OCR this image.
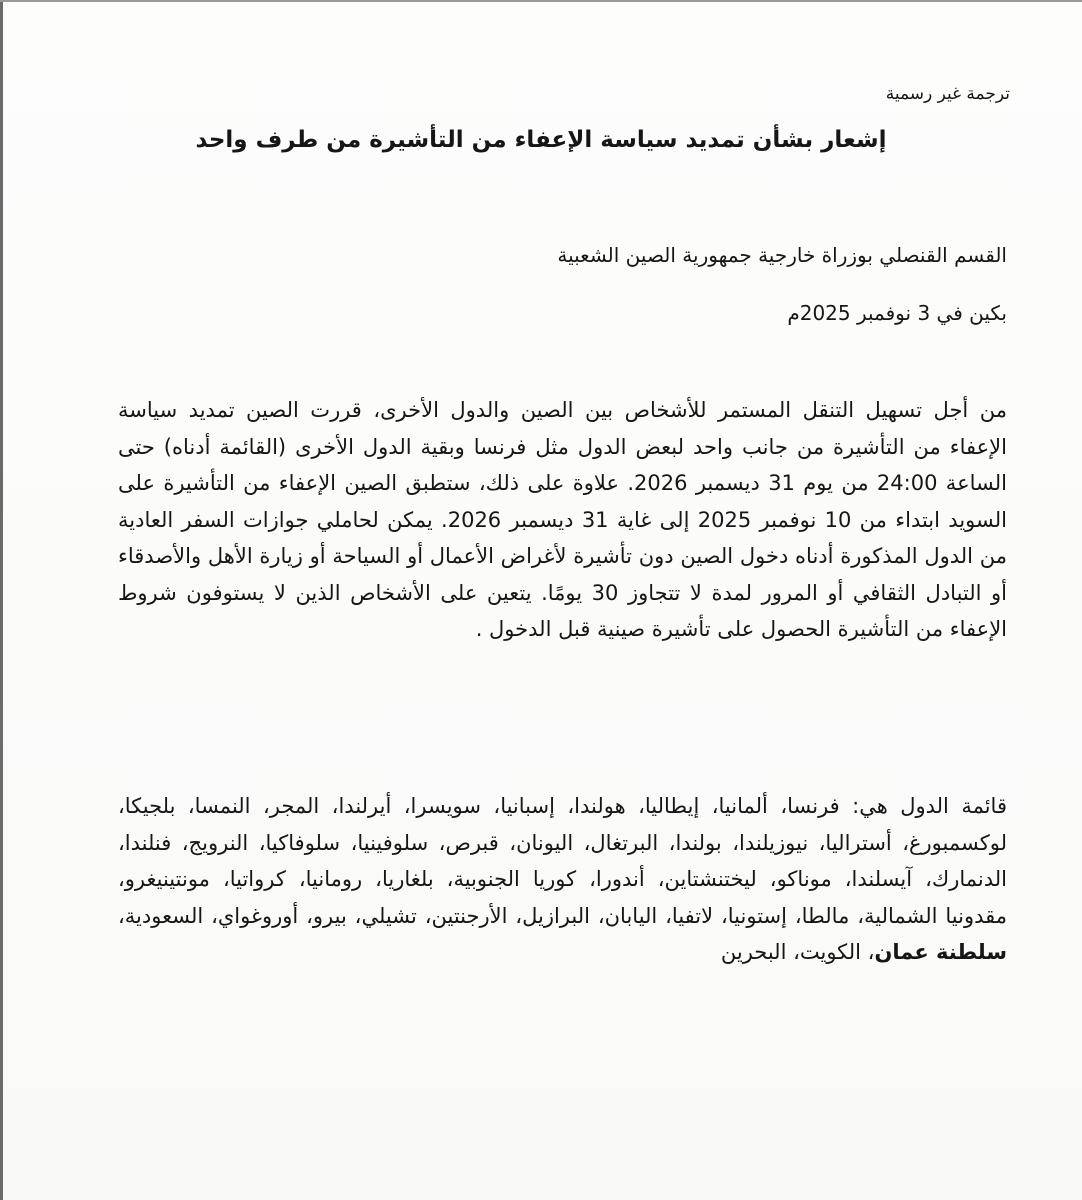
ترجمة غير رسمية
إشعار بشأن تمديد سياسة الإعفاء من التأشيرة من طرف واحد
القسم القنصلي بوزراة خارجية جمهورية الصين الشعبية
بكين في 3 نوفمبر 2025م
من أجل تسهيل التنقل المستمر للأشخاص بين الصين والدول الأخرى، قررت الصين تمديد سياسة الإعفاء من التأشيرة من جانب واحد لبعض الدول مثل فرنسا وبقية الدول الأخرى (القائمة أدناه) حتى الساعة 24:00 من يوم 31 ديسمبر 2026. علاوة على ذلك، ستطبق الصين الإعفاء من التأشيرة على السويد ابتداء من 10 نوفمبر 2025 إلى غاية 31 ديسمبر 2026. يمكن لحاملي جوازات السفر العادية من الدول المذكورة أدناه دخول الصين دون تأشيرة لأغراض الأعمال أو السياحة أو زيارة الأهل والأصدقاء أو التبادل الثقافي أو المرور لمدة لا تتجاوز 30 يومًا. يتعين على الأشخاص الذين لا يستوفون شروط الإعفاء من التأشيرة الحصول على تأشيرة صينية قبل الدخول .
قائمة الدول هي: فرنسا، ألمانيا، إيطاليا، هولندا، إسبانيا، سويسرا، أيرلندا، المجر، النمسا، بلجيكا، لوكسمبورغ، أستراليا، نيوزيلندا، بولندا، البرتغال، اليونان، قبرص، سلوفينيا، سلوفاكيا، النرويج، فنلندا، الدنمارك، آيسلندا، موناكو، ليختنشتاين، أندورا، كوريا الجنوبية، بلغاريا، رومانيا، كرواتيا، مونتينيغرو، مقدونيا الشمالية، مالطا، إستونيا، لاتفيا، اليابان، البرازيل، الأرجنتين، تشيلي، بيرو، أوروغواي، السعودية، سلطنة عمان، الكويت، البحرين
